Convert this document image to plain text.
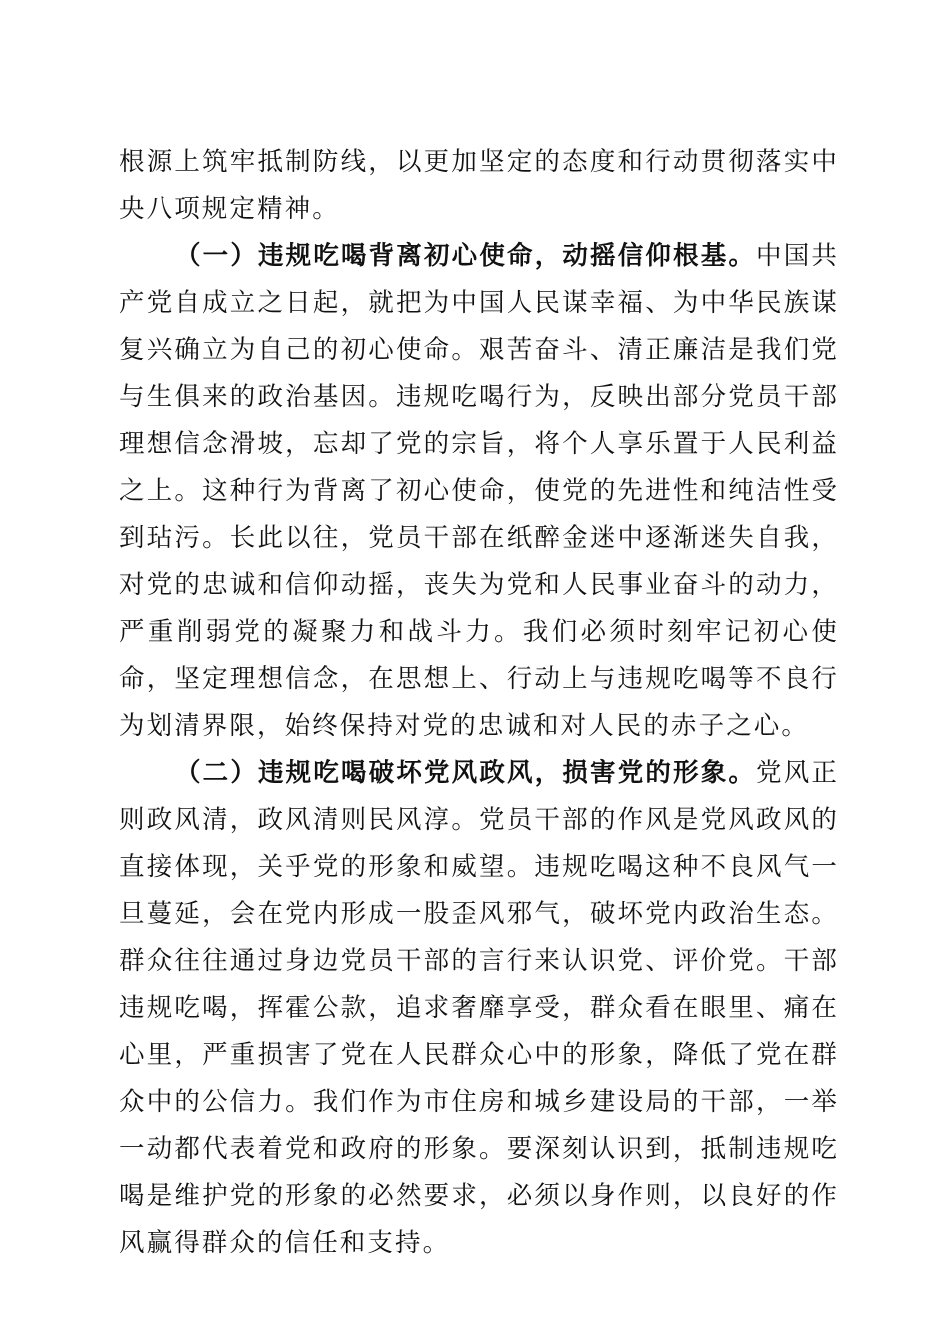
根源上筑牢抵制防线，以更加坚定的态度和行动贯彻落实中央八项规定精神。

（一）违规吃喝背离初心使命，动摇信仰根基。中国共产党自成立之日起，就把为中国人民谋幸福、为中华民族谋复兴确立为自己的初心使命。艰苦奋斗、清正廉洁是我们党与生俱来的政治基因。违规吃喝行为，反映出部分党员干部理想信念滑坡，忘却了党的宗旨，将个人享乐置于人民利益之上。这种行为背离了初心使命，使党的先进性和纯洁性受到玷污。长此以往，党员干部在纸醉金迷中逐渐迷失自我，对党的忠诚和信仰动摇，丧失为党和人民事业奋斗的动力，严重削弱党的凝聚力和战斗力。我们必须时刻牢记初心使命，坚定理想信念，在思想上、行动上与违规吃喝等不良行为划清界限，始终保持对党的忠诚和对人民的赤子之心。

（二）违规吃喝破坏党风政风，损害党的形象。党风正则政风清，政风清则民风淳。党员干部的作风是党风政风的直接体现，关乎党的形象和威望。违规吃喝这种不良风气一旦蔓延，会在党内形成一股歪风邪气，破坏党内政治生态。群众往往通过身边党员干部的言行来认识党、评价党。干部违规吃喝，挥霍公款，追求奢靡享受，群众看在眼里、痛在心里，严重损害了党在人民群众心中的形象，降低了党在群众中的公信力。我们作为市住房和城乡建设局的干部，一举一动都代表着党和政府的形象。要深刻认识到，抵制违规吃喝是维护党的形象的必然要求，必须以身作则，以良好的作风赢得群众的信任和支持。
